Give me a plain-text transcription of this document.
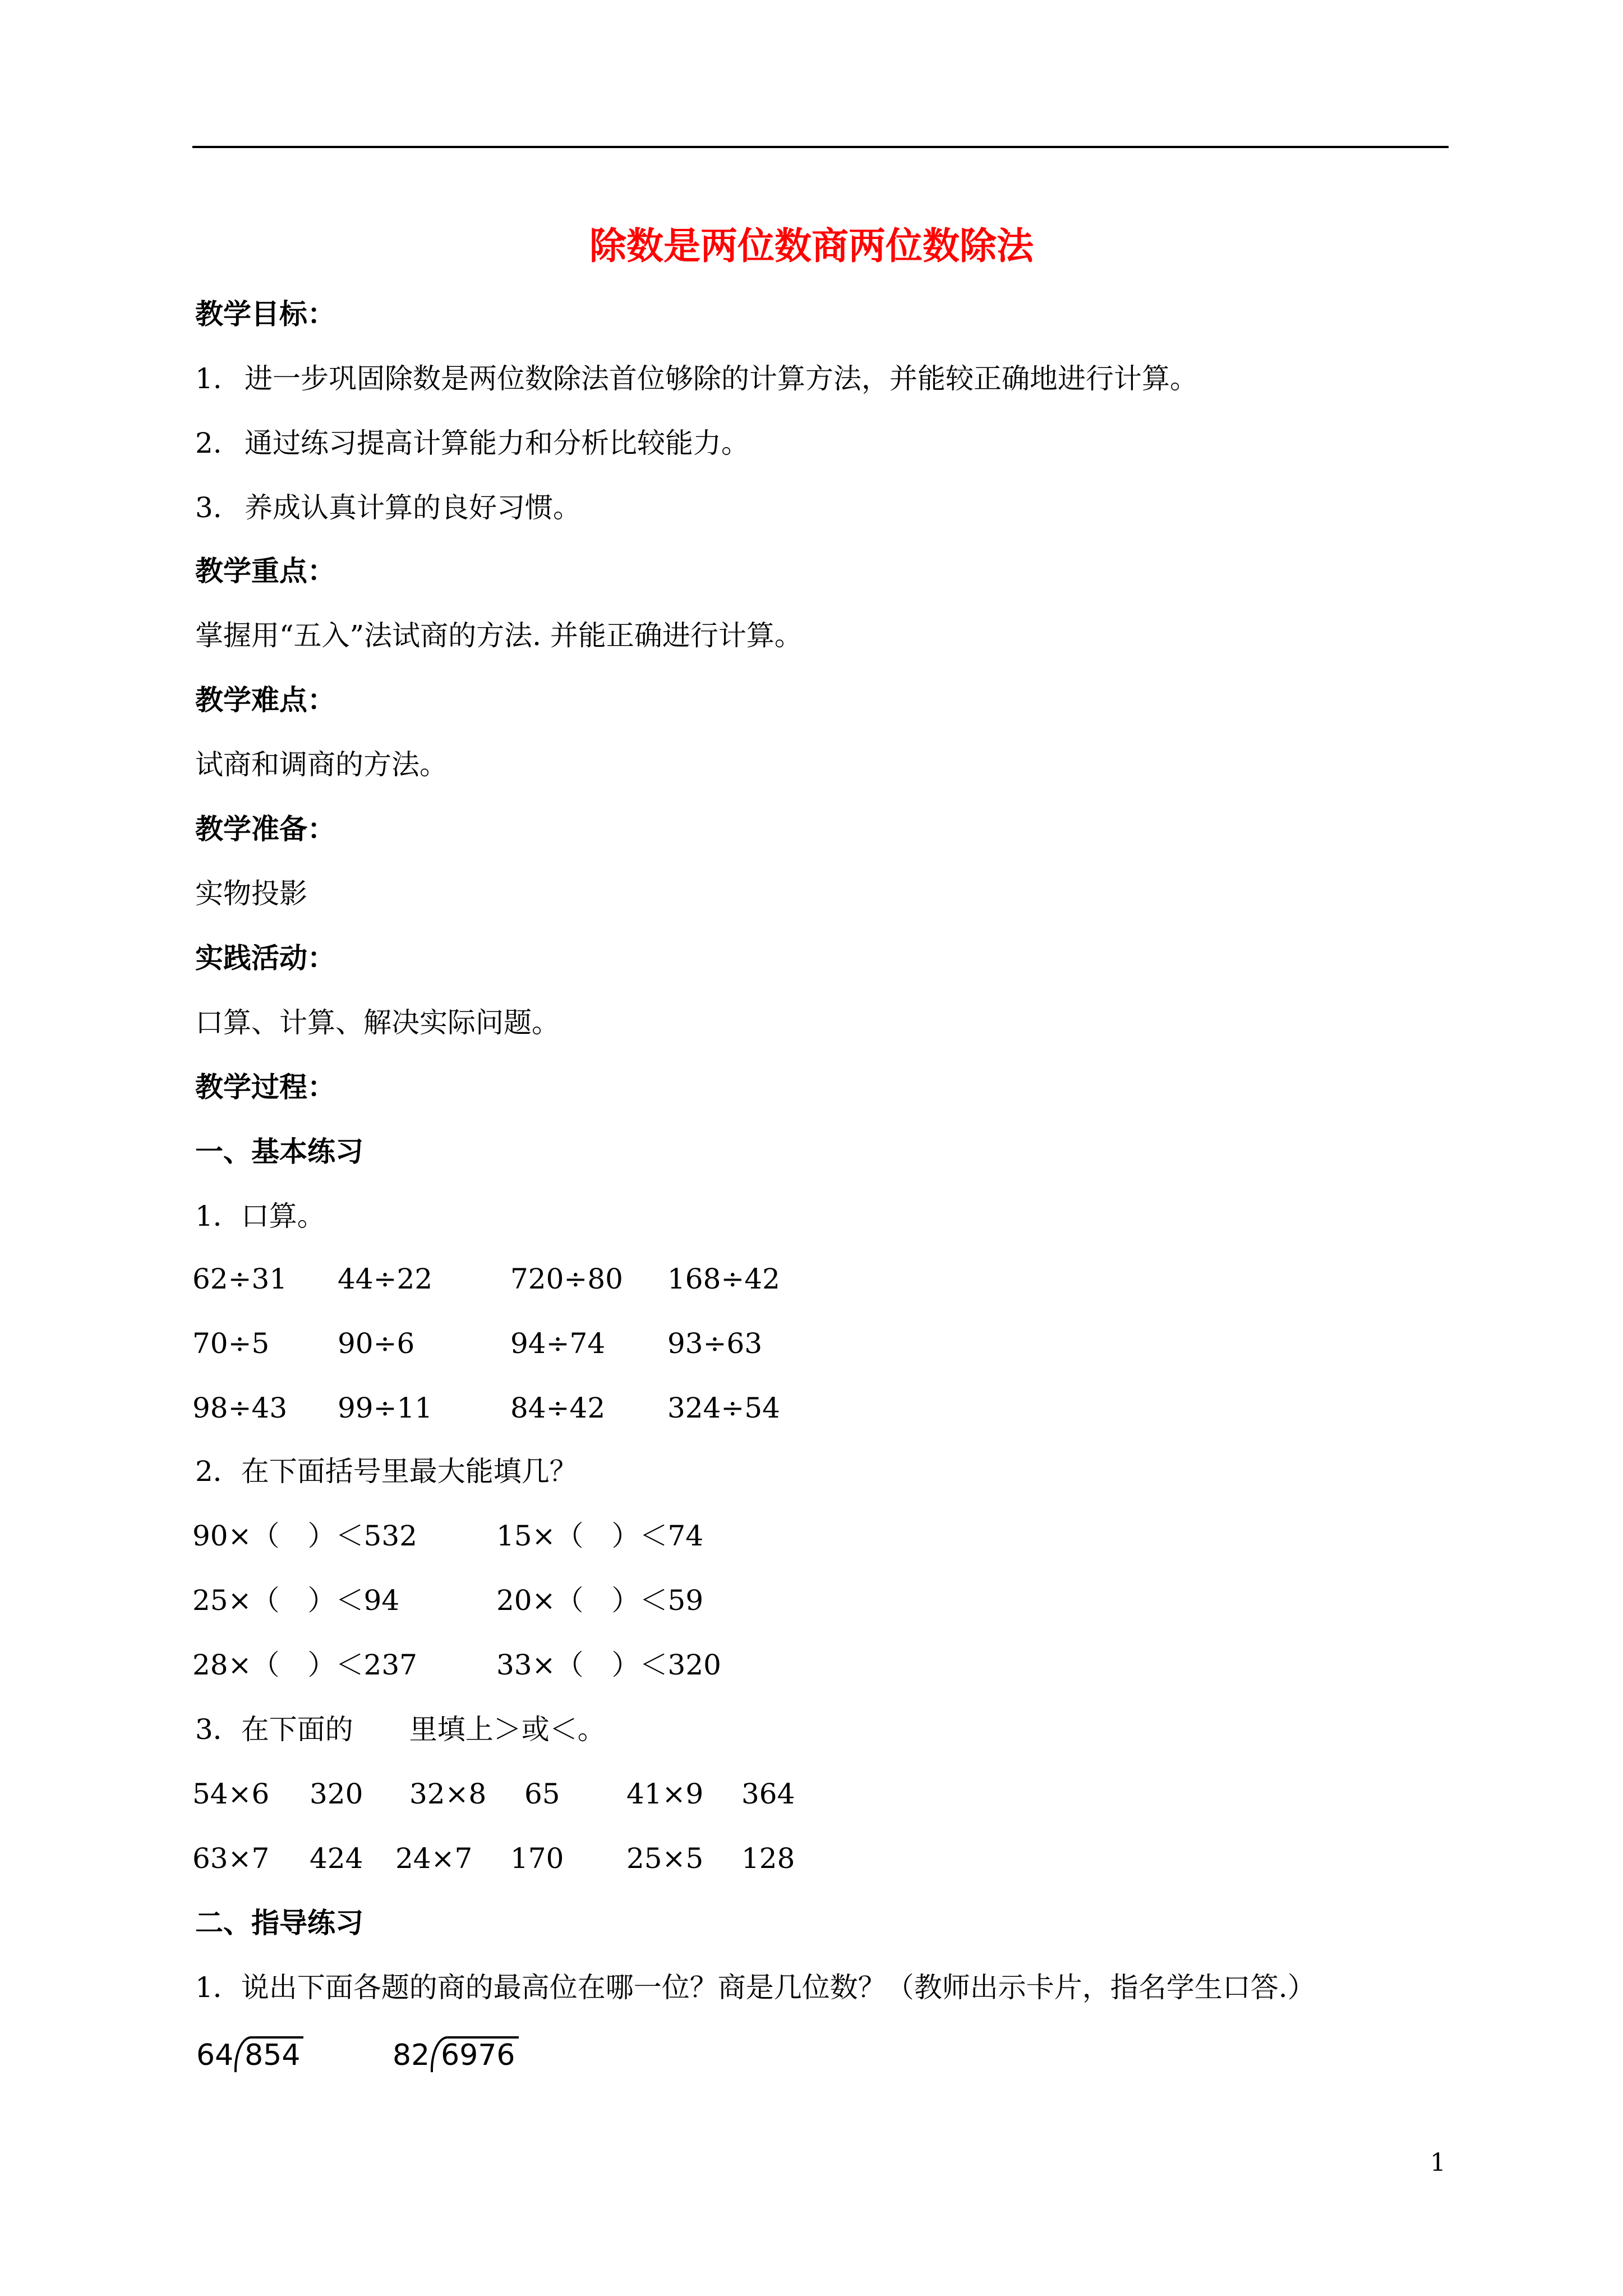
除数是两位数商两位数除法
教学目标：
1. 进一步巩固除数是两位数除法首位够除的计算方法，并能较正确地进行计算。
2. 通过练习提高计算能力和分析比较能力。
3. 养成认真计算的良好习惯。
教学重点：
掌握用“五入”法试商的方法. 并能正确进行计算。
教学难点：
试商和调商的方法。
教学准备：
实物投影
实践活动：
口算、计算、解决实际问题。
教学过程：
一、基本练习
1．口算。
62÷31 44÷22	720÷80 168÷42
70÷5 90÷6	94÷74 93÷63
98÷43 99÷11	84÷42 324÷54
2．在下面括号里最大能填几？
90×（　）＜532	15×（　）＜74
25×（　）＜94	20×（　）＜59
28×（　）＜237	33×（　）＜320
3．在下面的　　里填上＞或＜。
54×6 320 32×8 65 41×9 364
63×7 424 24×7 170 25×5 128
二、指导练习
1．说出下面各题的商的最高位在哪一位？商是几位数？（教师出示卡片，指名学生口答.）
64 854	82 6976
1
